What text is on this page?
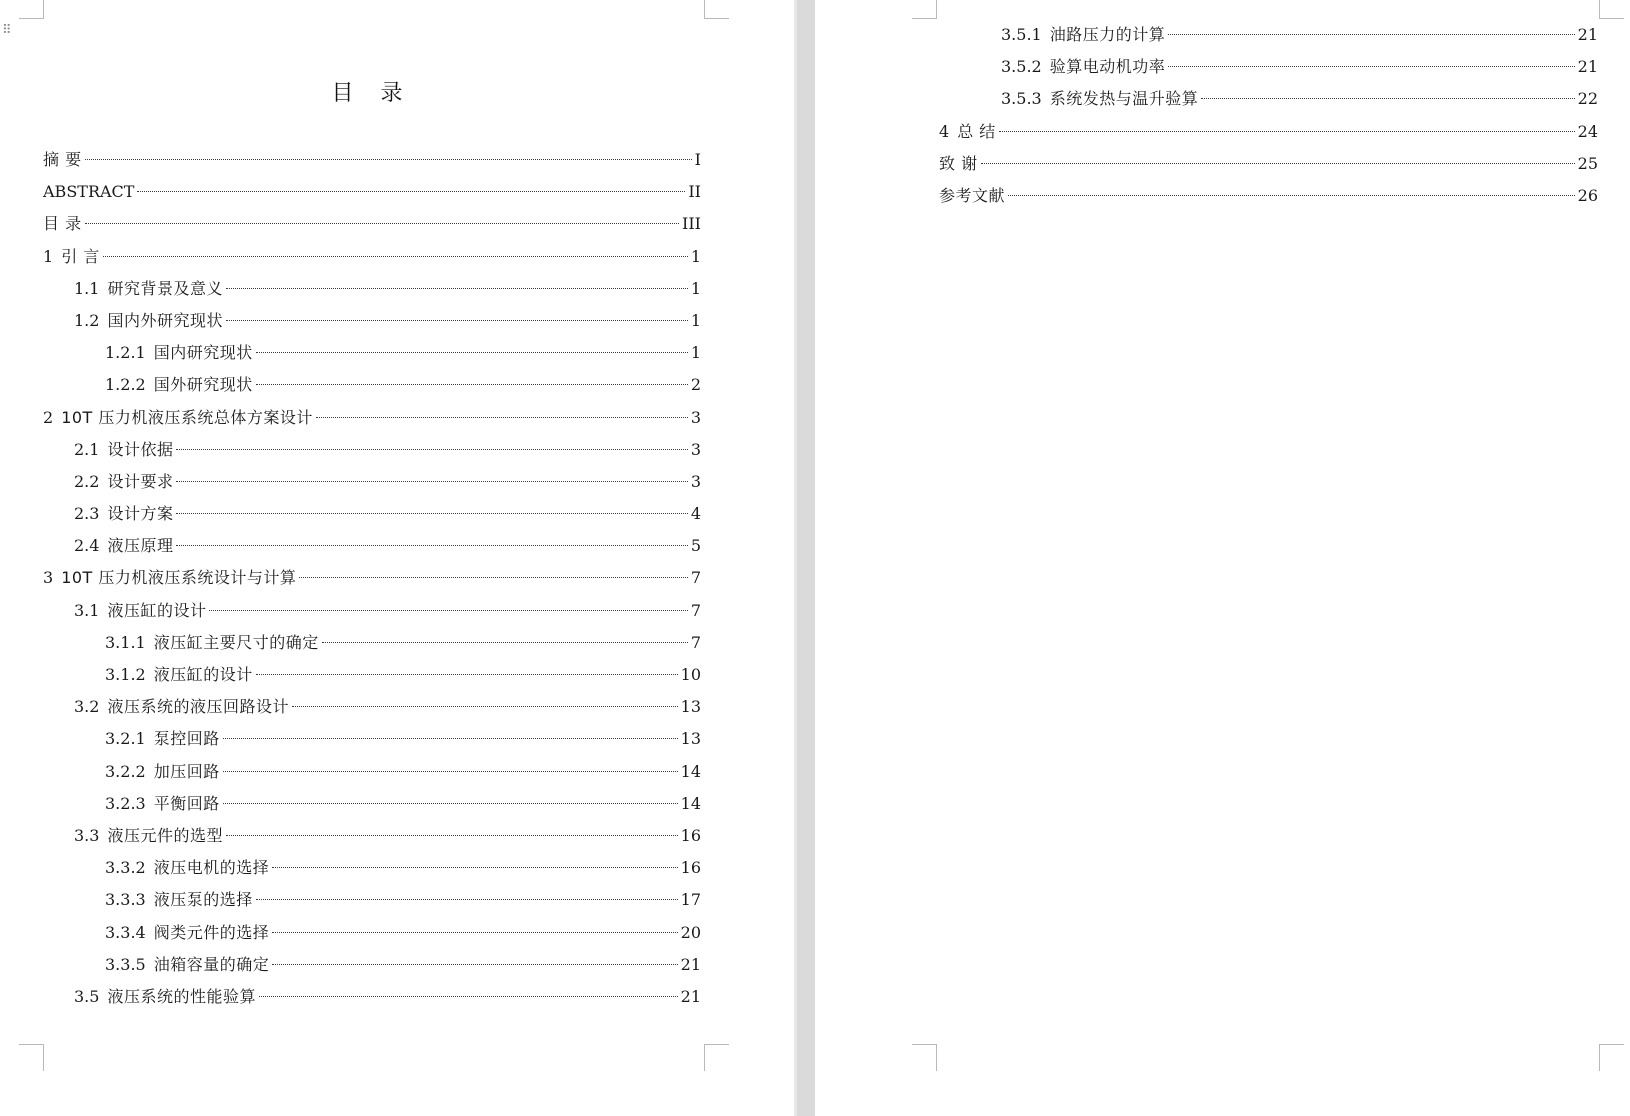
⠿
目 录
摘 要	I
ABSTRACT	II
目 录	III
1 引 言	1
1.1 研究背景及意义	1
1.2 国内外研究现状	1
1.2.1 国内研究现状	1
1.2.2 国外研究现状	2
2 10T 压力机液压系统总体方案设计	3
2.1 设计依据	3
2.2 设计要求	3
2.3 设计方案	4
2.4 液压原理	5
3 10T 压力机液压系统设计与计算	7
3.1 液压缸的设计	7
3.1.1 液压缸主要尺寸的确定	7
3.1.2 液压缸的设计	10
3.2 液压系统的液压回路设计	13
3.2.1 泵控回路	13
3.2.2 加压回路	14
3.2.3 平衡回路	14
3.3 液压元件的选型	16
3.3.2 液压电机的选择	16
3.3.3 液压泵的选择	17
3.3.4 阀类元件的选择	20
3.3.5 油箱容量的确定	21
3.5 液压系统的性能验算	21
3.5.1 油路压力的计算	21
3.5.2 验算电动机功率	21
3.5.3 系统发热与温升验算	22
4 总 结	24
致 谢	25
参考文献	26
